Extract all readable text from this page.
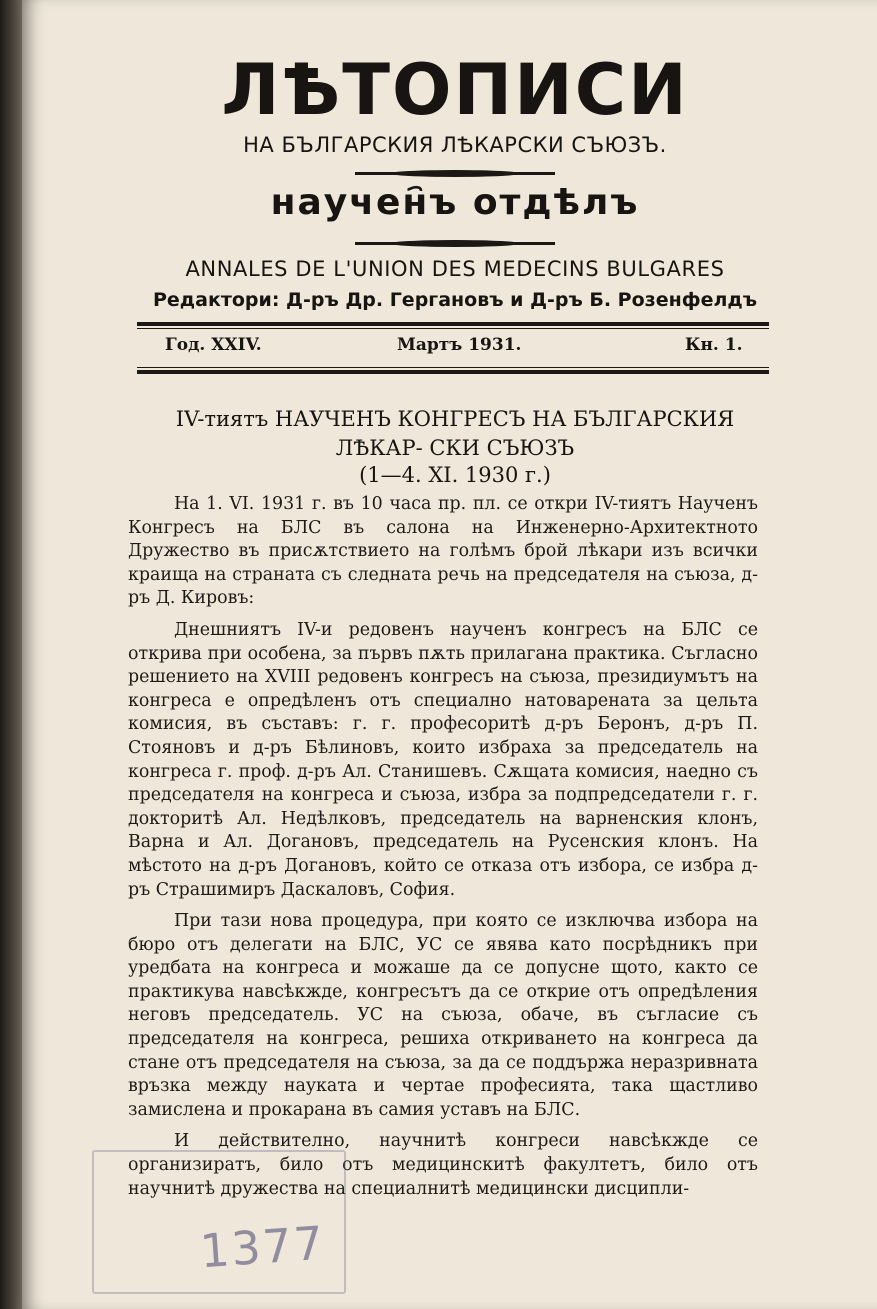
ЛѢТОПИСИ
НА БЪЛГАРСКИЯ ЛѢКАРСКИ СЪЮЗЪ.
научен҄ъ отдѣлъ
ANNALES DE L'UNION DES MEDECINS BULGARES
Редактори: Д-ръ Др. Гергановъ и Д-ръ Б. Розенфелдъ
Год. XXIV.	Мартъ 1931.	Кн. 1.
IV-тиятъ НАУЧЕНЪ КОНГРЕСЪ НА БЪЛГАРСКИЯ ЛѢКАР- СКИ СЪЮЗЪ
(1—4. XI. 1930 г.)

На 1. VI. 1931 г. въ 10 часа пр. пл. се откри IV-тиятъ Наученъ Конгресъ на БЛС въ салона на Инженерно-Архитектното Дружество въ присѫтствието на голѣмъ брой лѣкари изъ всички краища на страната съ следната речь на председателя на съюза, д-ръ Д. Кировъ:

Днешниятъ IV-и редовенъ наученъ конгресъ на БЛС се открива при особена, за първъ пѫть прилагана практика. Съгласно решението на XVIII редовенъ конгресъ на съюза, президиумътъ на конгреса е опредѣленъ отъ специално натоварената за цельта комисия, въ съставъ: г. г. професоритѣ д-ръ Беронъ, д-ръ П. Стояновъ и д-ръ Бѣлиновъ, които избраха за председатель на конгреса г. проф. д-ръ Ал. Станишевъ. Сѫщата комисия, наедно съ председателя на конгреса и съюза, избра за подпредседатели г. г. докторитѣ Ал. Недѣлковъ, председатель на варненския клонъ, Варна и Ал. Догановъ, председатель на Русенския клонъ. На мѣстото на д-ръ Догановъ, който се отказа отъ избора, се избра д-ръ Страшимиръ Даскаловъ, София.

При тази нова процедура, при която се изключва избора на бюро отъ делегати на БЛС, УС се явява като посрѣдникъ при уредбата на конгреса и можаше да се допусне щото, както се практикува навсѣкжде, конгресътъ да се открие отъ опредѣления неговъ председатель. УС на съюза, обаче, въ съгласие съ председателя на конгреса, решиха откриването на конгреса да стане отъ председателя на съюза, за да се поддържа неразривната връзка между науката и чертае професията, така щастливо замислена и прокарана въ самия уставъ на БЛС.

И действително, научнитѣ конгреси навсѣкжде се организиратъ, било отъ медицинскитѣ факултетъ, било отъ научнитѣ дружества на специалнитѣ медицински дисципли-

1377
